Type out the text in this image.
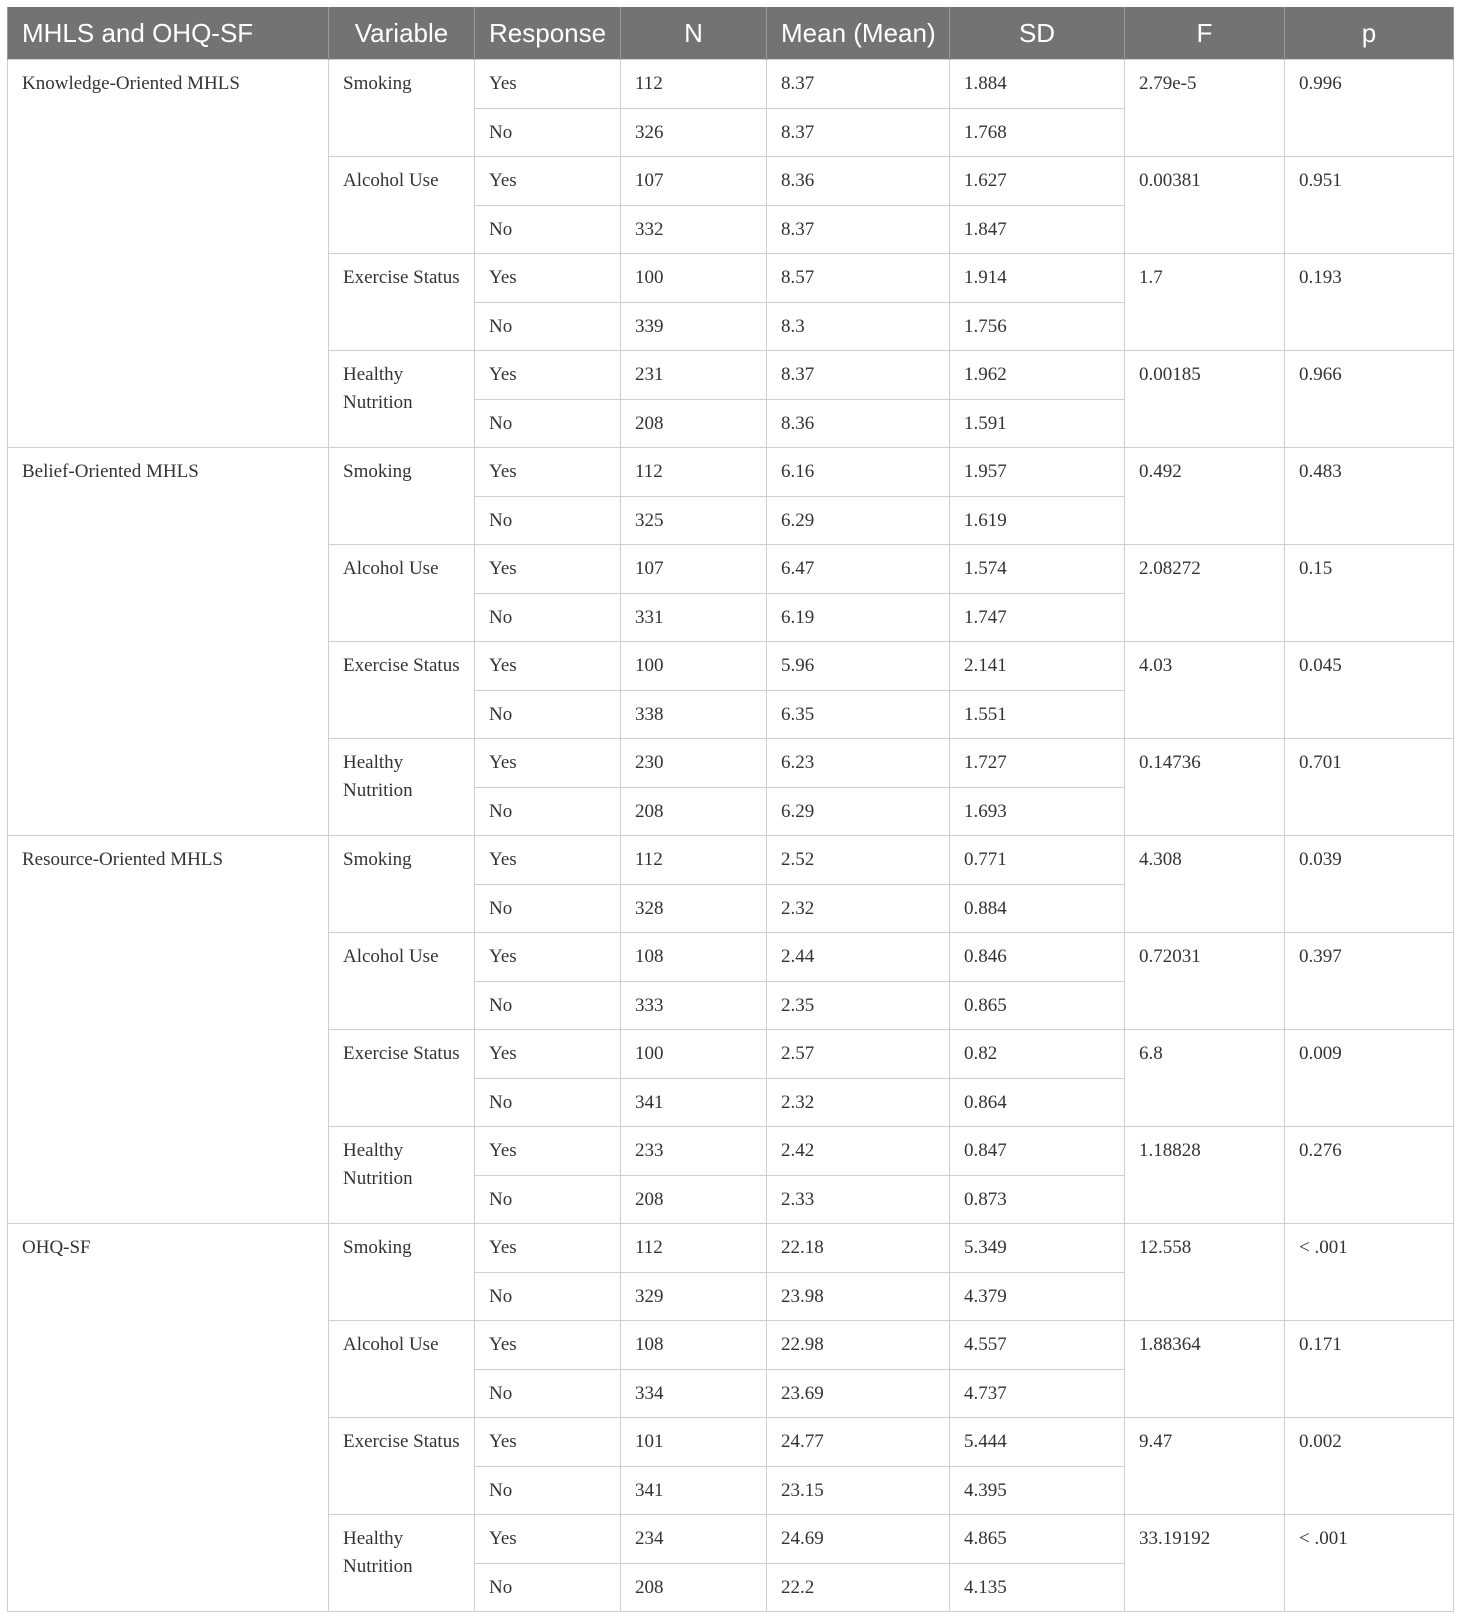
MHLS and OHQ-SF	Variable	Response	N	Mean (Mean)	SD	F	p
Knowledge-Oriented MHLS	Smoking	Yes	112	8.37	1.884	2.79e-5	0.996
		No	326	8.37	1.768		
	Alcohol Use	Yes	107	8.36	1.627	0.00381	0.951
		No	332	8.37	1.847		
	Exercise Status	Yes	100	8.57	1.914	1.7	0.193
		No	339	8.3	1.756		
	Healthy Nutrition	Yes	231	8.37	1.962	0.00185	0.966
		No	208	8.36	1.591		
Belief-Oriented MHLS	Smoking	Yes	112	6.16	1.957	0.492	0.483
		No	325	6.29	1.619		
	Alcohol Use	Yes	107	6.47	1.574	2.08272	0.15
		No	331	6.19	1.747		
	Exercise Status	Yes	100	5.96	2.141	4.03	0.045
		No	338	6.35	1.551		
	Healthy Nutrition	Yes	230	6.23	1.727	0.14736	0.701
		No	208	6.29	1.693		
Resource-Oriented MHLS	Smoking	Yes	112	2.52	0.771	4.308	0.039
		No	328	2.32	0.884		
	Alcohol Use	Yes	108	2.44	0.846	0.72031	0.397
		No	333	2.35	0.865		
	Exercise Status	Yes	100	2.57	0.82	6.8	0.009
		No	341	2.32	0.864		
	Healthy Nutrition	Yes	233	2.42	0.847	1.18828	0.276
		No	208	2.33	0.873		
OHQ-SF	Smoking	Yes	112	22.18	5.349	12.558	< .001
		No	329	23.98	4.379		
	Alcohol Use	Yes	108	22.98	4.557	1.88364	0.171
		No	334	23.69	4.737		
	Exercise Status	Yes	101	24.77	5.444	9.47	0.002
		No	341	23.15	4.395		
	Healthy Nutrition	Yes	234	24.69	4.865	33.19192	< .001
		No	208	22.2	4.135		
